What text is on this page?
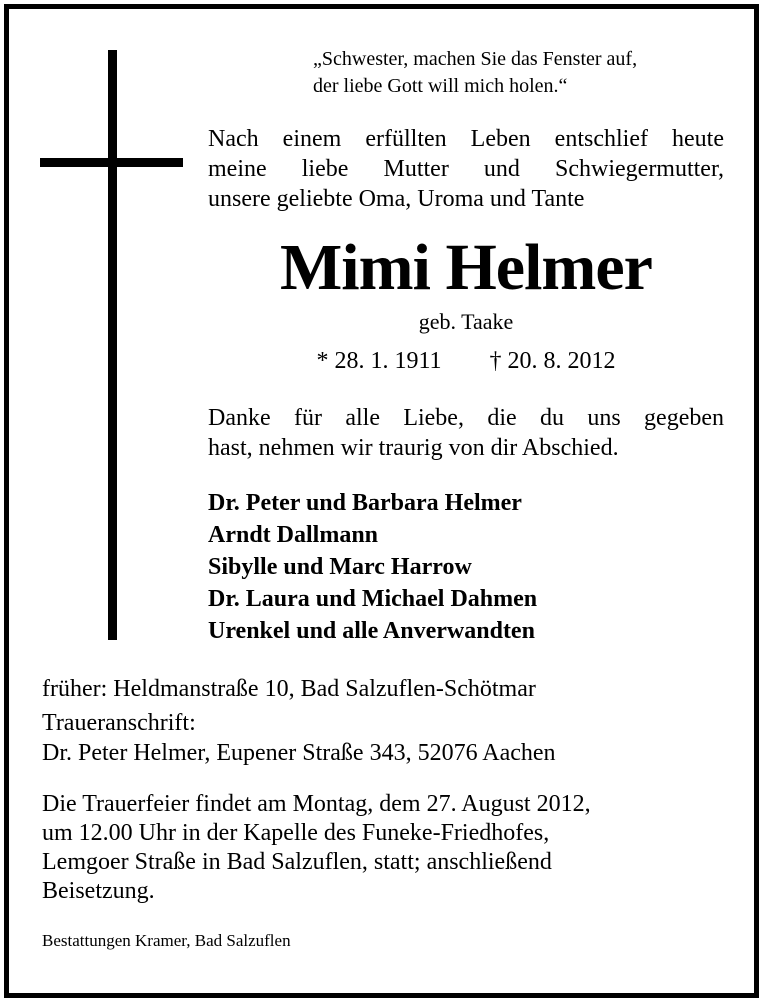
„Schwester, machen Sie das Fenster auf,
der liebe Gott will mich holen.“
Nach einem erfüllten Leben entschlief heute
meine liebe Mutter und Schwiegermutter,
unsere geliebte Oma, Uroma und Tante
Mimi Helmer
geb. Taake
* 28. 1. 1911 † 20. 8. 2012
Danke für alle Liebe, die du uns gegeben
hast, nehmen wir traurig von dir Abschied.
Dr. Peter und Barbara Helmer
Arndt Dallmann
Sibylle und Marc Harrow
Dr. Laura und Michael Dahmen
Urenkel und alle Anverwandten
früher: Heldmanstraße 10, Bad Salzuflen-Schötmar
Traueranschrift:
Dr. Peter Helmer, Eupener Straße 343, 52076 Aachen
Die Trauerfeier findet am Montag, dem 27. August 2012,
um 12.00 Uhr in der Kapelle des Funeke-Friedhofes,
Lemgoer Straße in Bad Salzuflen, statt; anschließend
Beisetzung.
Bestattungen Kramer, Bad Salzuflen
